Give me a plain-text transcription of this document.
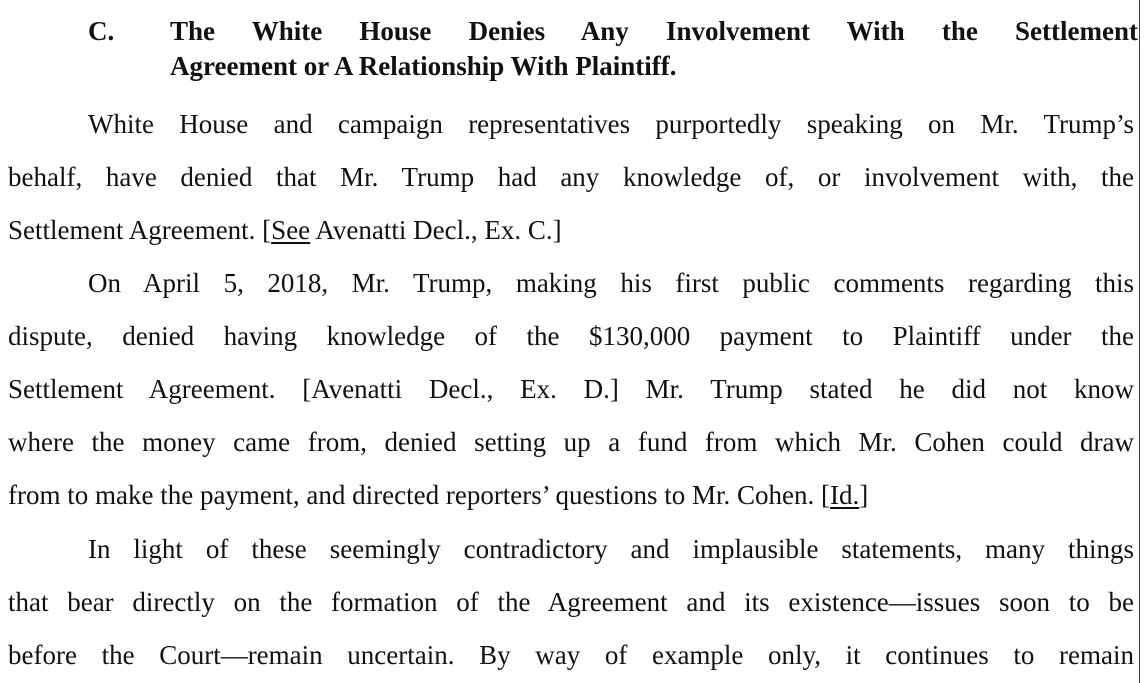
C. The White House Denies Any Involvement With the Settlement
Agreement or A Relationship With Plaintiff.
White House and campaign representatives purportedly speaking on Mr. Trump’s
behalf, have denied that Mr. Trump had any knowledge of, or involvement with, the
Settlement Agreement. [See Avenatti Decl., Ex. C.]
On April 5, 2018, Mr. Trump, making his first public comments regarding this
dispute, denied having knowledge of the $130,000 payment to Plaintiff under the
Settlement Agreement. [Avenatti Decl., Ex. D.] Mr. Trump stated he did not know
where the money came from, denied setting up a fund from which Mr. Cohen could draw
from to make the payment, and directed reporters’ questions to Mr. Cohen. [Id.]
In light of these seemingly contradictory and implausible statements, many things
that bear directly on the formation of the Agreement and its existence—issues soon to be
before the Court—remain uncertain. By way of example only, it continues to remain
